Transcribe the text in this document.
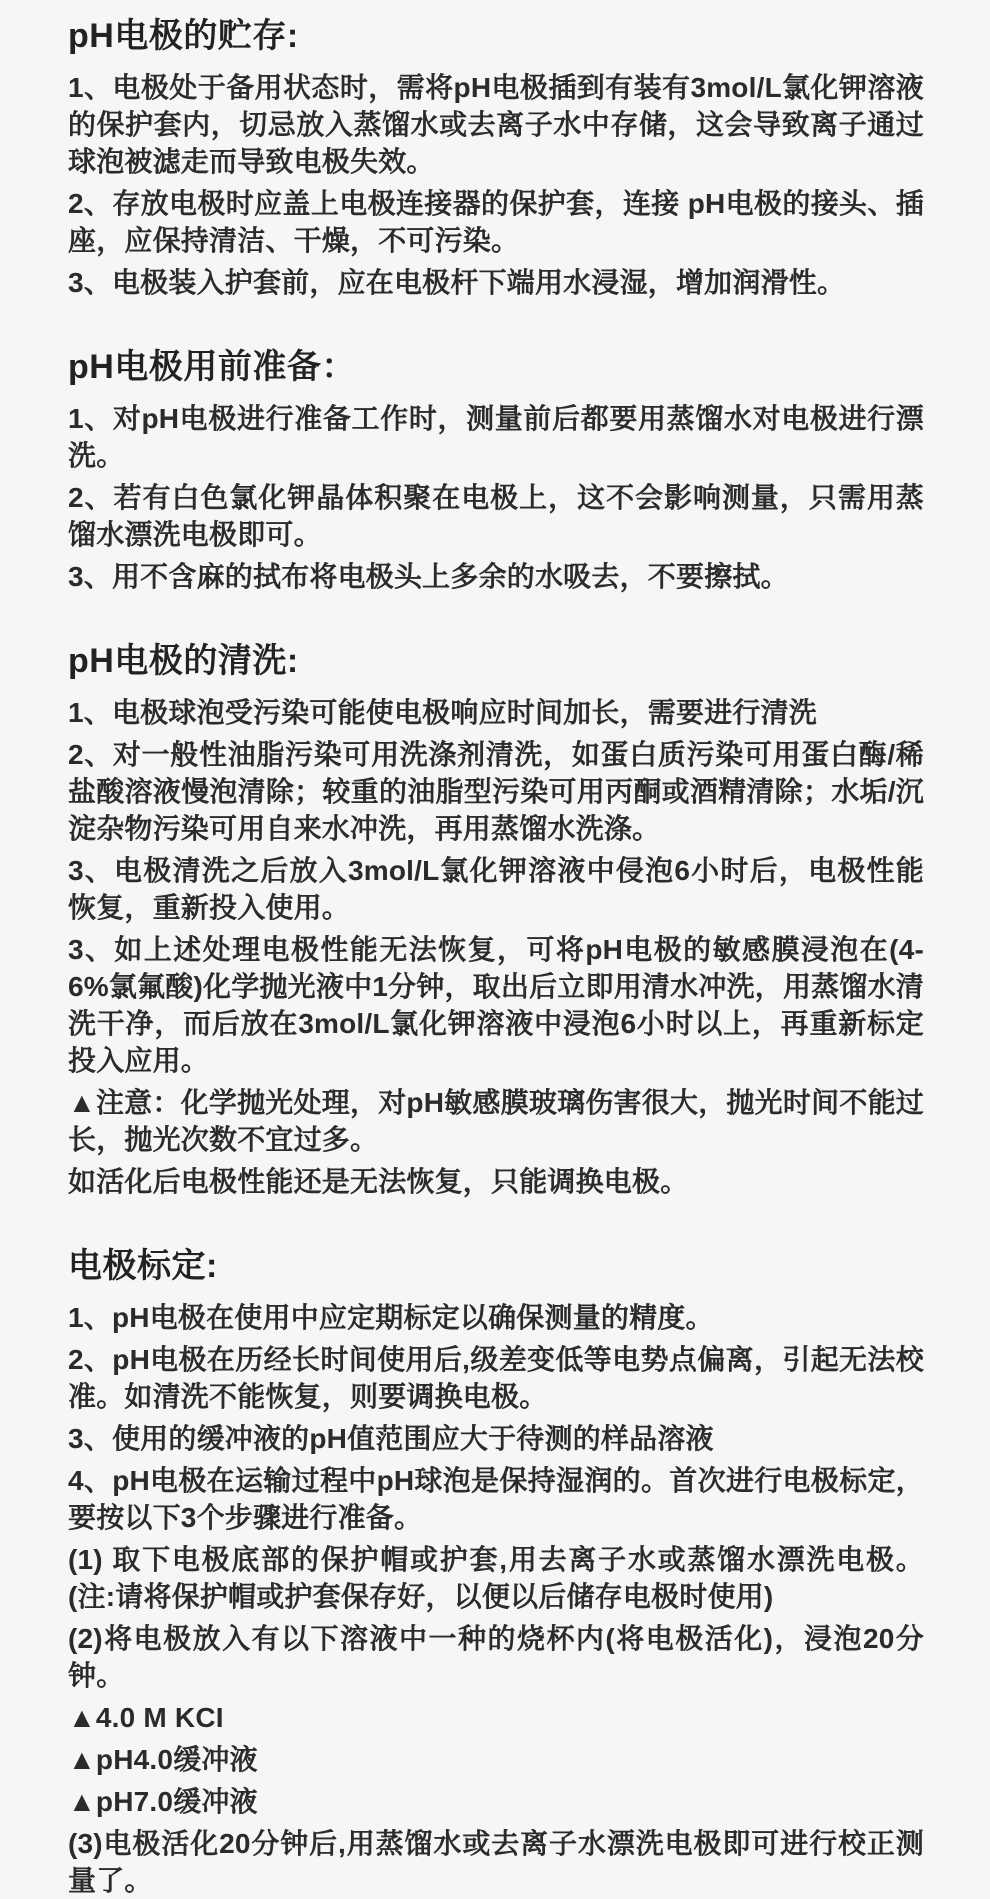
pH电极的贮存:

1、电极处于备用状态时，需将pH电极插到有装有3mol/L氯化钾溶液的保护套内，切忌放入蒸馏水或去离子水中存储，这会导致离子通过球泡被滤走而导致电极失效。

2、存放电极时应盖上电极连接器的保护套，连接 pH电极的接头、插座，应保持清洁、干燥，不可污染。

3、电极装入护套前，应在电极杆下端用水浸湿，增加润滑性。

pH电极用前准备：

1、对pH电极进行准备工作时，测量前后都要用蒸馏水对电极进行漂洗。

2、若有白色氯化钾晶体积聚在电极上，这不会影响测量，只需用蒸馏水漂洗电极即可。

3、用不含麻的拭布将电极头上多余的水吸去，不要擦拭。

pH电极的清洗:

1、电极球泡受污染可能使电极响应时间加长，需要进行清洗

2、对一般性油脂污染可用洗涤剂清洗，如蛋白质污染可用蛋白酶/稀盐酸溶液慢泡清除；较重的油脂型污染可用丙酮或酒精清除；水垢/沉淀杂物污染可用自来水冲洗，再用蒸馏水洗涤。

3、电极清洗之后放入3mol/L氯化钾溶液中侵泡6小时后，电极性能恢复，重新投入使用。

3、如上述处理电极性能无法恢复，可将pH电极的敏感膜浸泡在(4-6%氯氟酸)化学抛光液中1分钟，取出后立即用清水冲洗，用蒸馏水清洗干净，而后放在3mol/L氯化钾溶液中浸泡6小时以上，再重新标定投入应用。

▲注意：化学抛光处理，对pH敏感膜玻璃伤害很大，抛光时间不能过长，抛光次数不宜过多。

如活化后电极性能还是无法恢复，只能调换电极。

电极标定:

1、pH电极在使用中应定期标定以确保测量的精度。

2、pH电极在历经长时间使用后,级差变低等电势点偏离，引起无法校准。如清洗不能恢复，则要调换电极。

3、使用的缓冲液的pH值范围应大于待测的样品溶液

4、pH电极在运输过程中pH球泡是保持湿润的。首次进行电极标定，要按以下3个步骤进行准备。

(1) 取下电极底部的保护帽或护套,用去离子水或蒸馏水漂洗电极。(注:请将保护帽或护套保存好，以便以后储存电极时使用)

(2)将电极放入有以下溶液中一种的烧杯内(将电极活化)，浸泡20分钟。

▲4.0 M KCI

▲pH4.0缓冲液

▲pH7.0缓冲液

(3)电极活化20分钟后,用蒸馏水或去离子水漂洗电极即可进行校正测量了。
